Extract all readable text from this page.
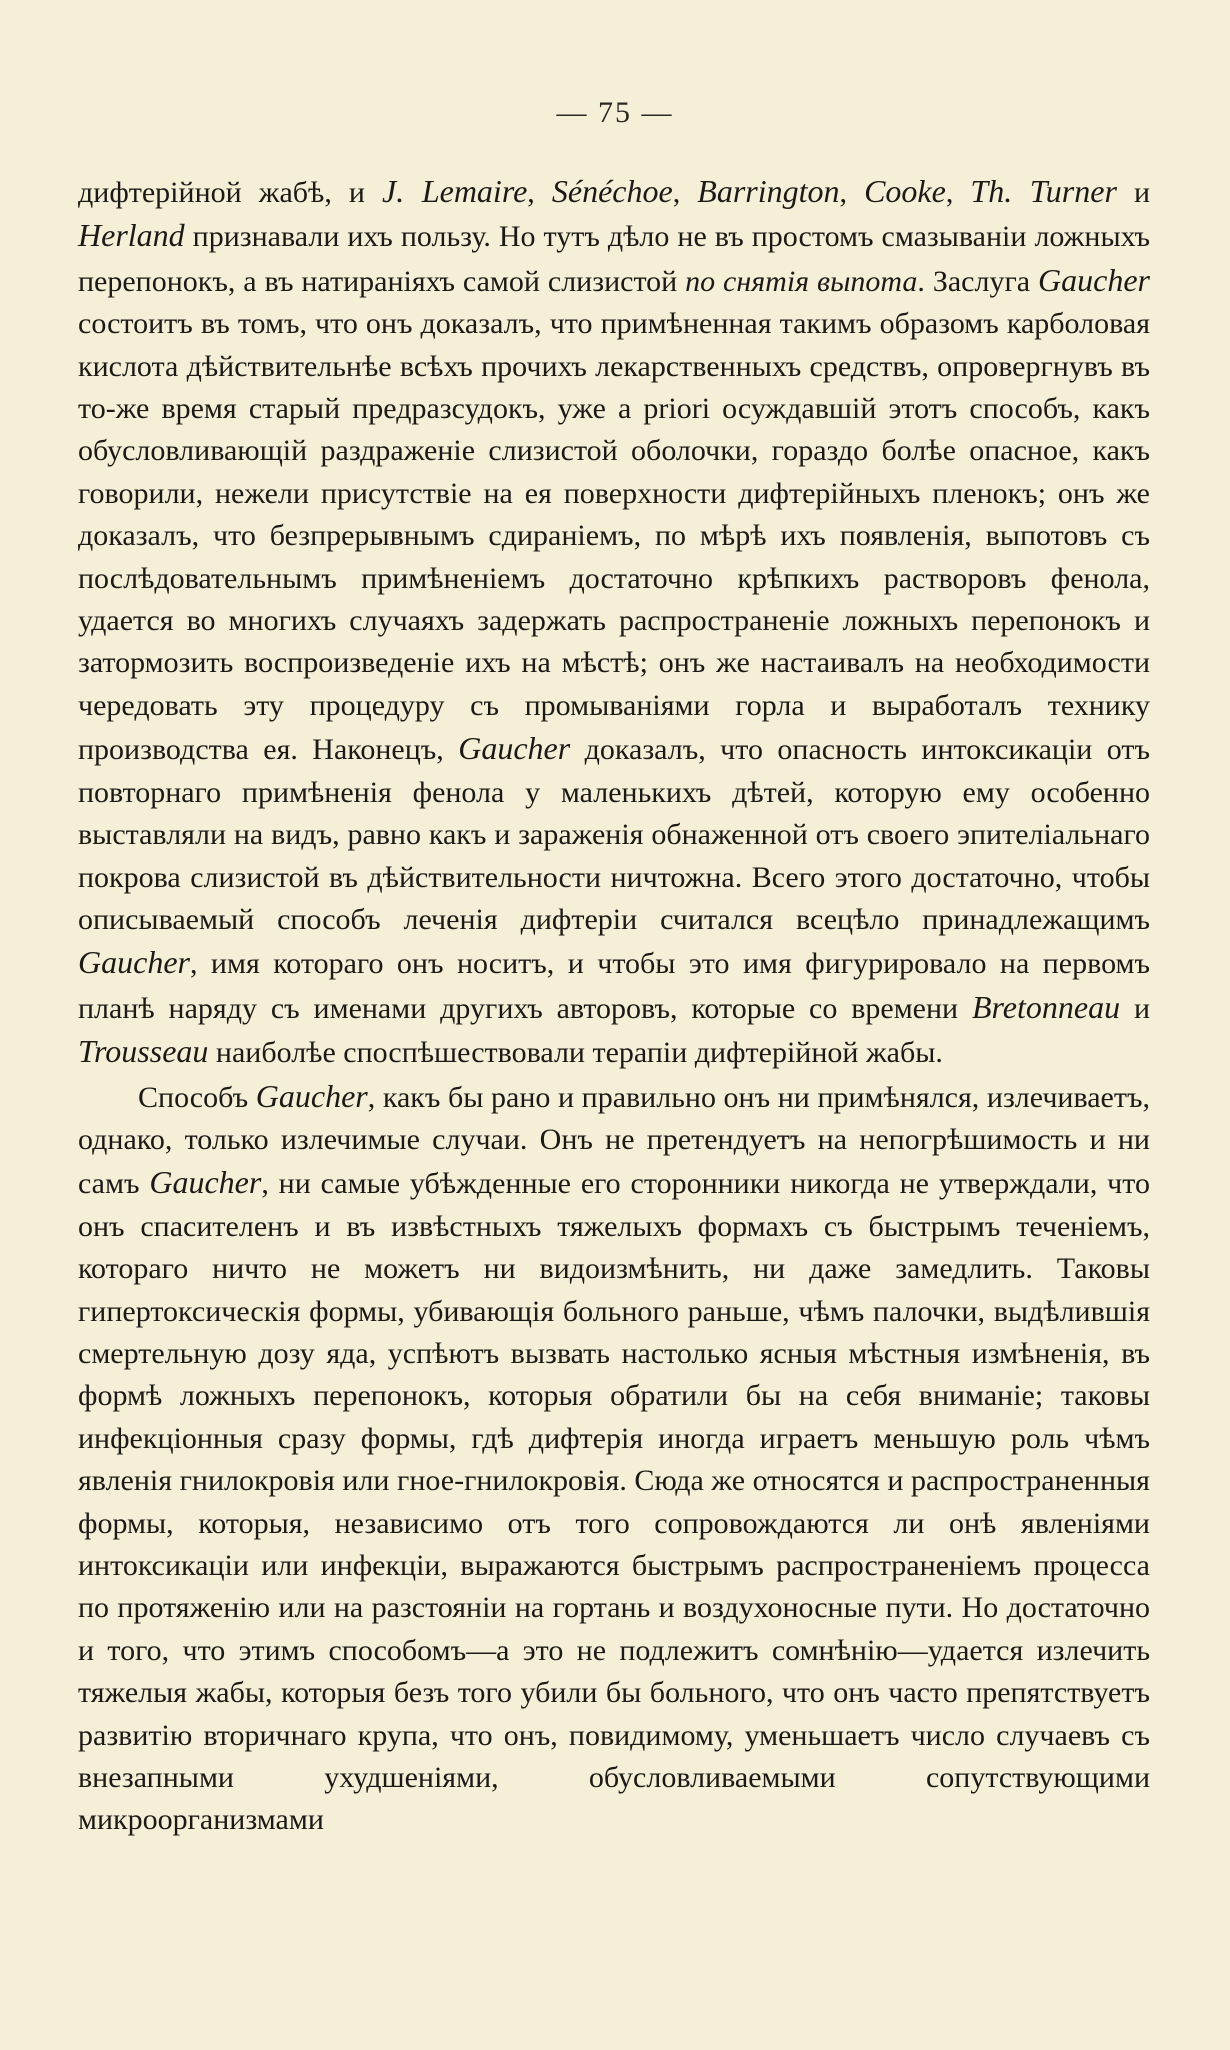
— 75 —

дифтерійной жабѣ, и J. Lemaire, Sénéchoe, Barrington, Cooke, Th. Turner и Herland признавали ихъ пользу. Но тутъ дѣло не въ простомъ смазываніи ложныхъ перепонокъ, а въ натираніяхъ самой слизистой по снятія выпота. Заслуга Gaucher состоитъ въ томъ, что онъ доказалъ, что примѣненная такимъ образомъ карболовая кислота дѣйствительнѣе всѣхъ прочихъ лекарственныхъ средствъ, опровергнувъ въ то-же время старый предразсудокъ, уже а priori осуждавшій этотъ способъ, какъ обусловливающій раздраженіе слизистой оболочки, гораздо болѣе опасное, какъ говорили, нежели присутствіе на ея поверхности дифтерійныхъ пленокъ; онъ же доказалъ, что безпрерывнымъ сдираніемъ, по мѣрѣ ихъ появленія, выпотовъ съ послѣдовательнымъ примѣненіемъ достаточно крѣпкихъ растворовъ фенола, удается во многихъ случаяхъ задержать распространеніе ложныхъ перепонокъ и затормозить воспроизведеніе ихъ на мѣстѣ; онъ же настаивалъ на необходимости чередовать эту процедуру съ промываніями горла и выработалъ технику производства ея. Наконецъ, Gaucher доказалъ, что опасность интоксикаціи отъ повторнаго примѣненія фенола у маленькихъ дѣтей, которую ему особенно выставляли на видъ, равно какъ и зараженія обнаженной отъ своего эпителіальнаго покрова слизистой въ дѣйствительности ничтожна. Всего этого достаточно, чтобы описываемый способъ леченія дифтеріи считался всецѣло принадлежащимъ Gaucher, имя котораго онъ носитъ, и чтобы это имя фигурировало на первомъ планѣ наряду съ именами другихъ авторовъ, которые со времени Bretonneau и Trousseau наиболѣе споспѣшествовали терапіи дифтерійной жабы.

Способъ Gaucher, какъ бы рано и правильно онъ ни примѣнялся, излечиваетъ, однако, только излечимые случаи. Онъ не претендуетъ на непогрѣшимость и ни самъ Gaucher, ни самые убѣжденные его сторонники никогда не утверждали, что онъ спасителенъ и въ извѣстныхъ тяжелыхъ формахъ съ быстрымъ теченіемъ, котораго ничто не можетъ ни видоизмѣнить, ни даже замедлить. Таковы гипертоксическія формы, убивающія больного раньше, чѣмъ палочки, выдѣлившія смертельную дозу яда, успѣютъ вызвать настолько ясныя мѣстныя измѣненія, въ формѣ ложныхъ перепонокъ, которыя обратили бы на себя вниманіе; таковы инфекціонныя сразу формы, гдѣ дифтерія иногда играетъ меньшую роль чѣмъ явленія гнилокровія или гное-гнилокровія. Сюда же относятся и распространенныя формы, которыя, независимо отъ того сопровождаются ли онѣ явленіями интоксикаціи или инфекціи, выражаются быстрымъ распространеніемъ процесса по протяженію или на разстояніи на гортань и воздухоносные пути. Но достаточно и того, что этимъ способомъ—а это не подлежитъ сомнѣнію—удается излечить тяжелыя жабы, которыя безъ того убили бы больного, что онъ часто препятствуетъ развитію вторичнаго крупа, что онъ, повидимому, уменьшаетъ число случаевъ съ внезапными ухудшеніями, обусловливаемыми сопутствующими микроорганизмами
